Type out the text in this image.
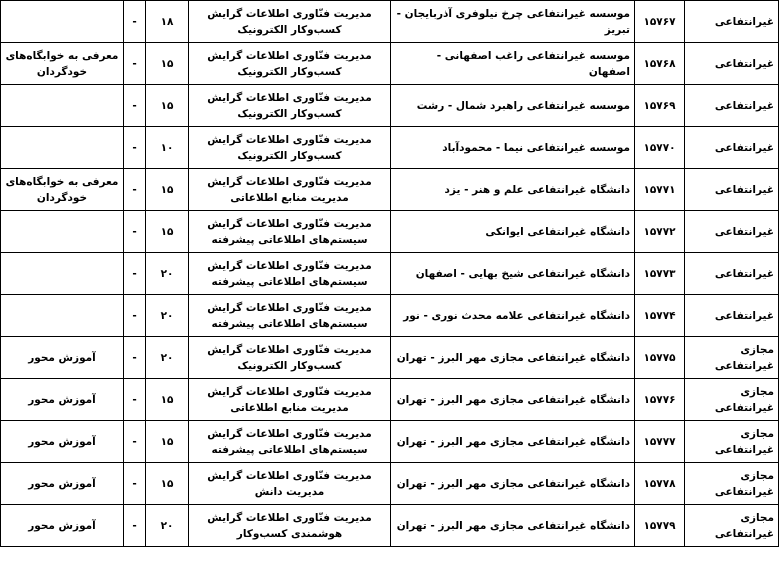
غیرانتفاعی	۱۵۷۶۷	موسسه غیرانتفاعی چرخ نیلوفری آذربایجان - تبریز	مدیریت فنّاوری اطلاعات گرایش کسب‌وکار الکترونیک	۱۸	-	
غیرانتفاعی	۱۵۷۶۸	موسسه غیرانتفاعی راغب اصفهانی - اصفهان	مدیریت فنّاوری اطلاعات گرایش کسب‌وکار الکترونیک	۱۵	-	معرفی به خوابگاه‌های خودگردان
غیرانتفاعی	۱۵۷۶۹	موسسه غیرانتفاعی راهبرد شمال - رشت	مدیریت فنّاوری اطلاعات گرایش کسب‌وکار الکترونیک	۱۵	-	
غیرانتفاعی	۱۵۷۷۰	موسسه غیرانتفاعی نیما - محمودآباد	مدیریت فنّاوری اطلاعات گرایش کسب‌وکار الکترونیک	۱۰	-	
غیرانتفاعی	۱۵۷۷۱	دانشگاه غیرانتفاعی علم و هنر - یزد	مدیریت فنّاوری اطلاعات گرایش مدیریت منابع اطلاعاتی	۱۵	-	معرفی به خوابگاه‌های خودگردان
غیرانتفاعی	۱۵۷۷۲	دانشگاه غیرانتفاعی ایوانکی	مدیریت فنّاوری اطلاعات گرایش سیستم‌های اطلاعاتی پیشرفته	۱۵	-	
غیرانتفاعی	۱۵۷۷۳	دانشگاه غیرانتفاعی شیخ بهایی - اصفهان	مدیریت فنّاوری اطلاعات گرایش سیستم‌های اطلاعاتی پیشرفته	۲۰	-	
غیرانتفاعی	۱۵۷۷۴	دانشگاه غیرانتفاعی علامه محدث نوری - نور	مدیریت فنّاوری اطلاعات گرایش سیستم‌های اطلاعاتی پیشرفته	۲۰	-	
مجازی غیرانتفاعی	۱۵۷۷۵	دانشگاه غیرانتفاعی مجازی مهر البرز - تهران	مدیریت فنّاوری اطلاعات گرایش کسب‌وکار الکترونیک	۲۰	-	آموزش محور
مجازی غیرانتفاعی	۱۵۷۷۶	دانشگاه غیرانتفاعی مجازی مهر البرز - تهران	مدیریت فنّاوری اطلاعات گرایش مدیریت منابع اطلاعاتی	۱۵	-	آموزش محور
مجازی غیرانتفاعی	۱۵۷۷۷	دانشگاه غیرانتفاعی مجازی مهر البرز - تهران	مدیریت فنّاوری اطلاعات گرایش سیستم‌های اطلاعاتی پیشرفته	۱۵	-	آموزش محور
مجازی غیرانتفاعی	۱۵۷۷۸	دانشگاه غیرانتفاعی مجازی مهر البرز - تهران	مدیریت فنّاوری اطلاعات گرایش مدیریت دانش	۱۵	-	آموزش محور
مجازی غیرانتفاعی	۱۵۷۷۹	دانشگاه غیرانتفاعی مجازی مهر البرز - تهران	مدیریت فنّاوری اطلاعات گرایش هوشمندی کسب‌وکار	۲۰	-	آموزش محور
